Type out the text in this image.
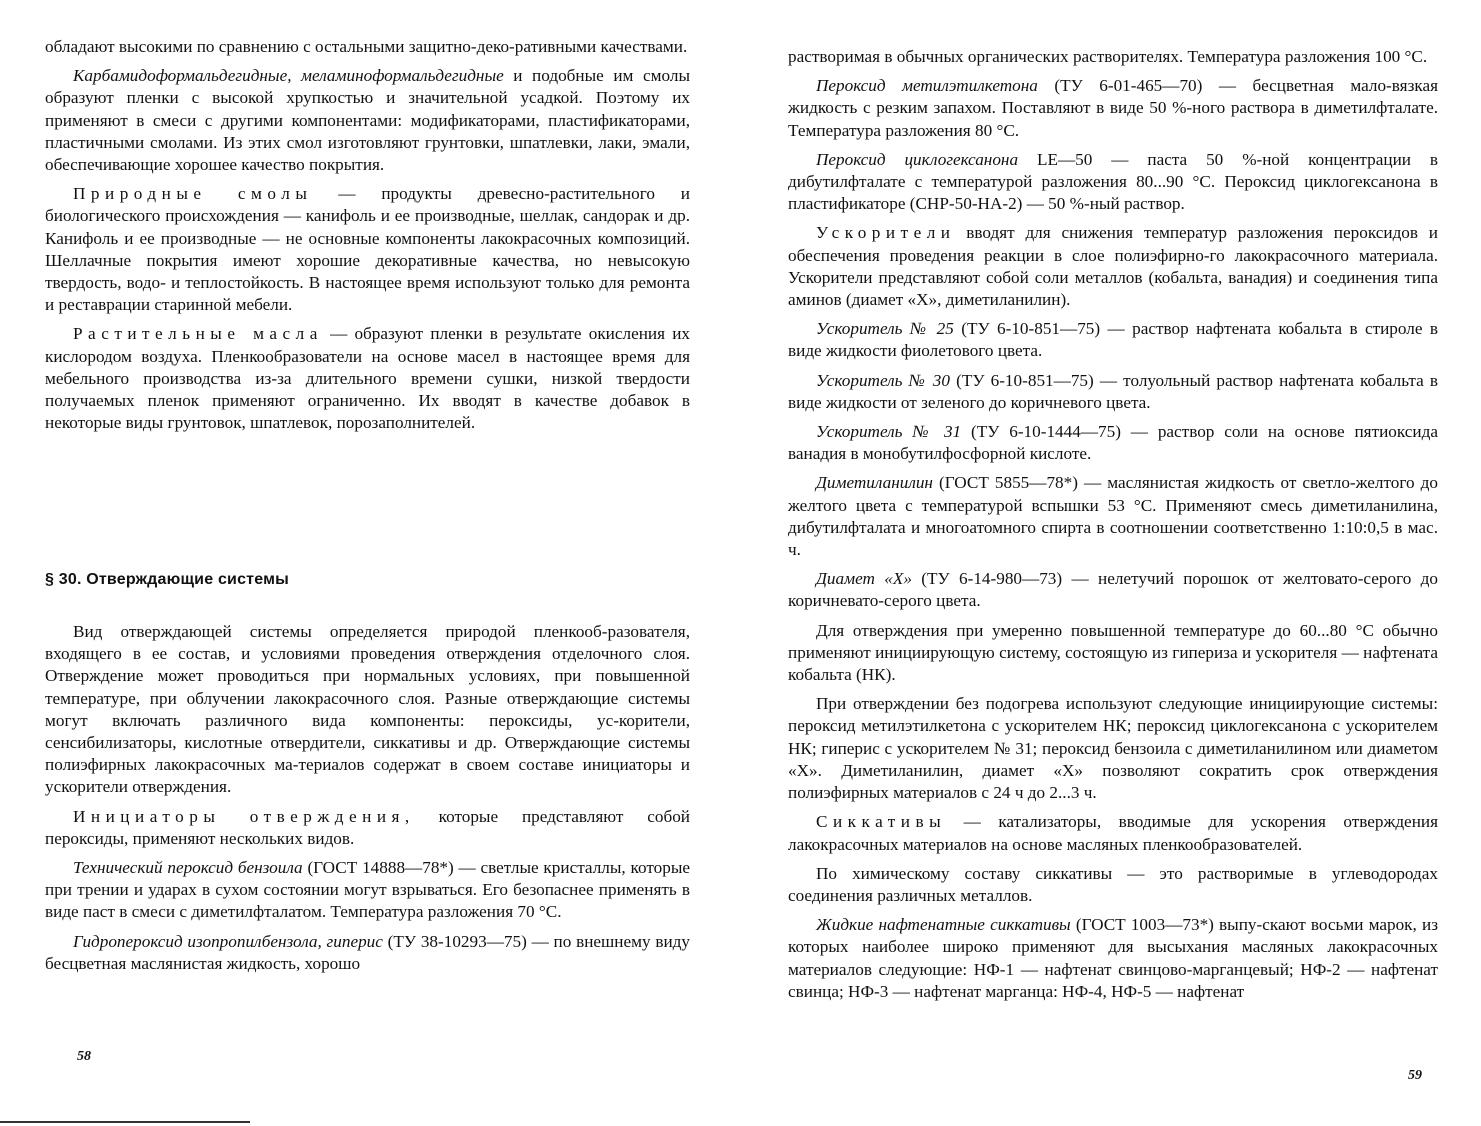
обладают высокими по сравнению с остальными защитно-деко-ративными качествами.

Карбамидоформальдегидные, меламиноформальдегидные и подобные им смолы образуют пленки с высокой хрупкостью и значительной усадкой. Поэтому их применяют в смеси с другими компонентами: модификаторами, пластификаторами, пластичными смолами. Из этих смол изготовляют грунтовки, шпатлевки, лаки, эмали, обеспечивающие хорошее качество покрытия.

Природные смолы — продукты древесно-растительного и биологического происхождения — канифоль и ее производные, шеллак, сандорак и др. Канифоль и ее производные — не основные компоненты лакокрасочных композиций. Шеллачные покрытия имеют хорошие декоративные качества, но невысокую твердость, водо- и теплостойкость. В настоящее время используют только для ремонта и реставрации старинной мебели.

Растительные масла — образуют пленки в результате окисления их кислородом воздуха. Пленкообразователи на основе масел в настоящее время для мебельного производства из-за длительного времени сушки, низкой твердости получаемых пленок применяют ограниченно. Их вводят в качестве добавок в некоторые виды грунтовок, шпатлевок, порозаполнителей.

§ 30. Отверждающие системы

Вид отверждающей системы определяется природой пленкооб-разователя, входящего в ее состав, и условиями проведения отверждения отделочного слоя. Отверждение может проводиться при нормальных условиях, при повышенной температуре, при облучении лакокрасочного слоя. Разные отверждающие системы могут включать различного вида компоненты: пероксиды, ус-корители, сенсибилизаторы, кислотные отвердители, сиккативы и др. Отверждающие системы полиэфирных лакокрасочных ма-териалов содержат в своем составе инициаторы и ускорители отверждения.

Инициаторы отверждения, которые представляют собой пероксиды, применяют нескольких видов.

Технический пероксид бензоила (ГОСТ 14888—78*) — светлые кристаллы, которые при трении и ударах в сухом состоянии могут взрываться. Его безопаснее применять в виде паст в смеси с диметилфталатом. Температура разложения 70 °C.

Гидропероксид изопропилбензола, гиперис (ТУ 38-10293—75) — по внешнему виду бесцветная маслянистая жидкость, хорошо

58

растворимая в обычных органических растворителях. Температура разложения 100 °C.

Пероксид метилэтилкетона (ТУ 6-01-465—70) — бесцветная мало-вязкая жидкость с резким запахом. Поставляют в виде 50 %-ного раствора в диметилфталате. Температура разложения 80 °C.

Пероксид циклогексанона LE—50 — паста 50 %-ной концентрации в дибутилфталате с температурой разложения 80...90 °C. Пероксид циклогексанона в пластификаторе (CHP-50-HA-2) — 50 %-ный раствор.

Ускорители вводят для снижения температур разложения пероксидов и обеспечения проведения реакции в слое полиэфирно-го лакокрасочного материала. Ускорители представляют собой соли металлов (кобальта, ванадия) и соединения типа аминов (диамет «Х», диметиланилин).

Ускоритель № 25 (ТУ 6-10-851—75) — раствор нафтената кобальта в стироле в виде жидкости фиолетового цвета.

Ускоритель № 30 (ТУ 6-10-851—75) — толуольный раствор нафтената кобальта в виде жидкости от зеленого до коричневого цвета.

Ускоритель № 31 (ТУ 6-10-1444—75) — раствор соли на основе пятиоксида ванадия в монобутилфосфорной кислоте.

Диметиланилин (ГОСТ 5855—78*) — маслянистая жидкость от светло-желтого до желтого цвета с температурой вспышки 53 °C. Применяют смесь диметиланилина, дибутилфталата и многоатомного спирта в соотношении соответственно 1:10:0,5 в мас. ч.

Диамет «Х» (ТУ 6-14-980—73) — нелетучий порошок от желтовато-серого до коричневато-серого цвета.

Для отверждения при умеренно повышенной температуре до 60...80 °C обычно применяют инициирующую систему, состоящую из гипериза и ускорителя — нафтената кобальта (НК).

При отверждении без подогрева используют следующие инициирующие системы: пероксид метилэтилкетона с ускорителем НК; пероксид циклогексанона с ускорителем НК; гиперис с ускорителем № 31; пероксид бензоила с диметиланилином или диаметом «Х». Диметиланилин, диамет «Х» позволяют сократить срок отверждения полиэфирных материалов с 24 ч до 2...3 ч.

Сиккативы — катализаторы, вводимые для ускорения отверждения лакокрасочных материалов на основе масляных пленкообразователей.

По химическому составу сиккативы — это растворимые в углеводородах соединения различных металлов.

Жидкие нафтенатные сиккативы (ГОСТ 1003—73*) выпу-скают восьми марок, из которых наиболее широко применяют для высыхания масляных лакокрасочных материалов следующие: НФ-1 — нафтенат свинцово-марганцевый; НФ-2 — нафтенат свинца; НФ-3 — нафтенат марганца: НФ-4, НФ-5 — нафтенат

59
